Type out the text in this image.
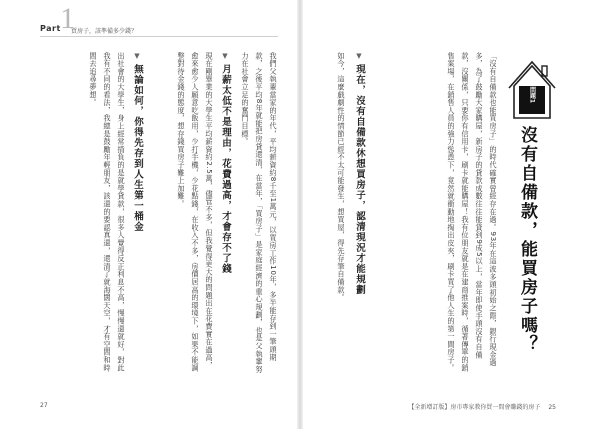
Part 1
買房子，該準備多少錢？
問題1
沒有自備款，能買房子嗎？
「沒有自備款也能買房子」的時代確實曾經存在過。93年在這波多頭初始之際，銀行現金過多，為了鼓勵大家購屋，新房子的貸款成數往往能貸到9成5以上，當年即使手頭沒有自備款，沒關係，只要你有信用卡，刷卡就能購屋！我有位朋友就是在建商推案時，循著傳單的銷售案場，在銷售人員的強力慫恿下，竟然就衝動地掏出皮夾，刷卡買了他人生的第一間房子。
▼現在，沒有自備款休想買房子，認清現況才能規劃
如今，這麼戲劇性的情節已經不太可能發生，想買屋，得先存筆自備款。
我們父執輩當家的年代，平均薪資約8千至1萬元，以買房工作10年，多半能存到一筆頭期款，之後平均8年就能把房貸還清，在當年，「買房子」是家庭經濟的重心規劃，也是父執輩努力在社會立足的奮鬥目標。
▼月薪太低不是理由，花費過高，才會存不了錢
現在剛畢業的大學生平均薪資約2.5萬，儘管不多，但我覺得更大的問題出在花費實在過高，愈來愈少人願意吃飯用，少打手機，少花點錢，在收入不多，房價居高的環境下，如果不能調整對待金錢的態度，想存錢買房子難上加難。
▼無論如何，你得先存到人生第一桶金
出社會的大學生，身上經常揹負的是就學貸款，很多人覺得反正利息不高，慢慢還就好，對此我有不同的看法，我總是鼓勵年輕朋友，該還的要認真還，還清了就海闊天空，才有空間和時間去追尋夢想。
27	【全新增訂版】房市專家教你買一間會賺錢的房子 25
